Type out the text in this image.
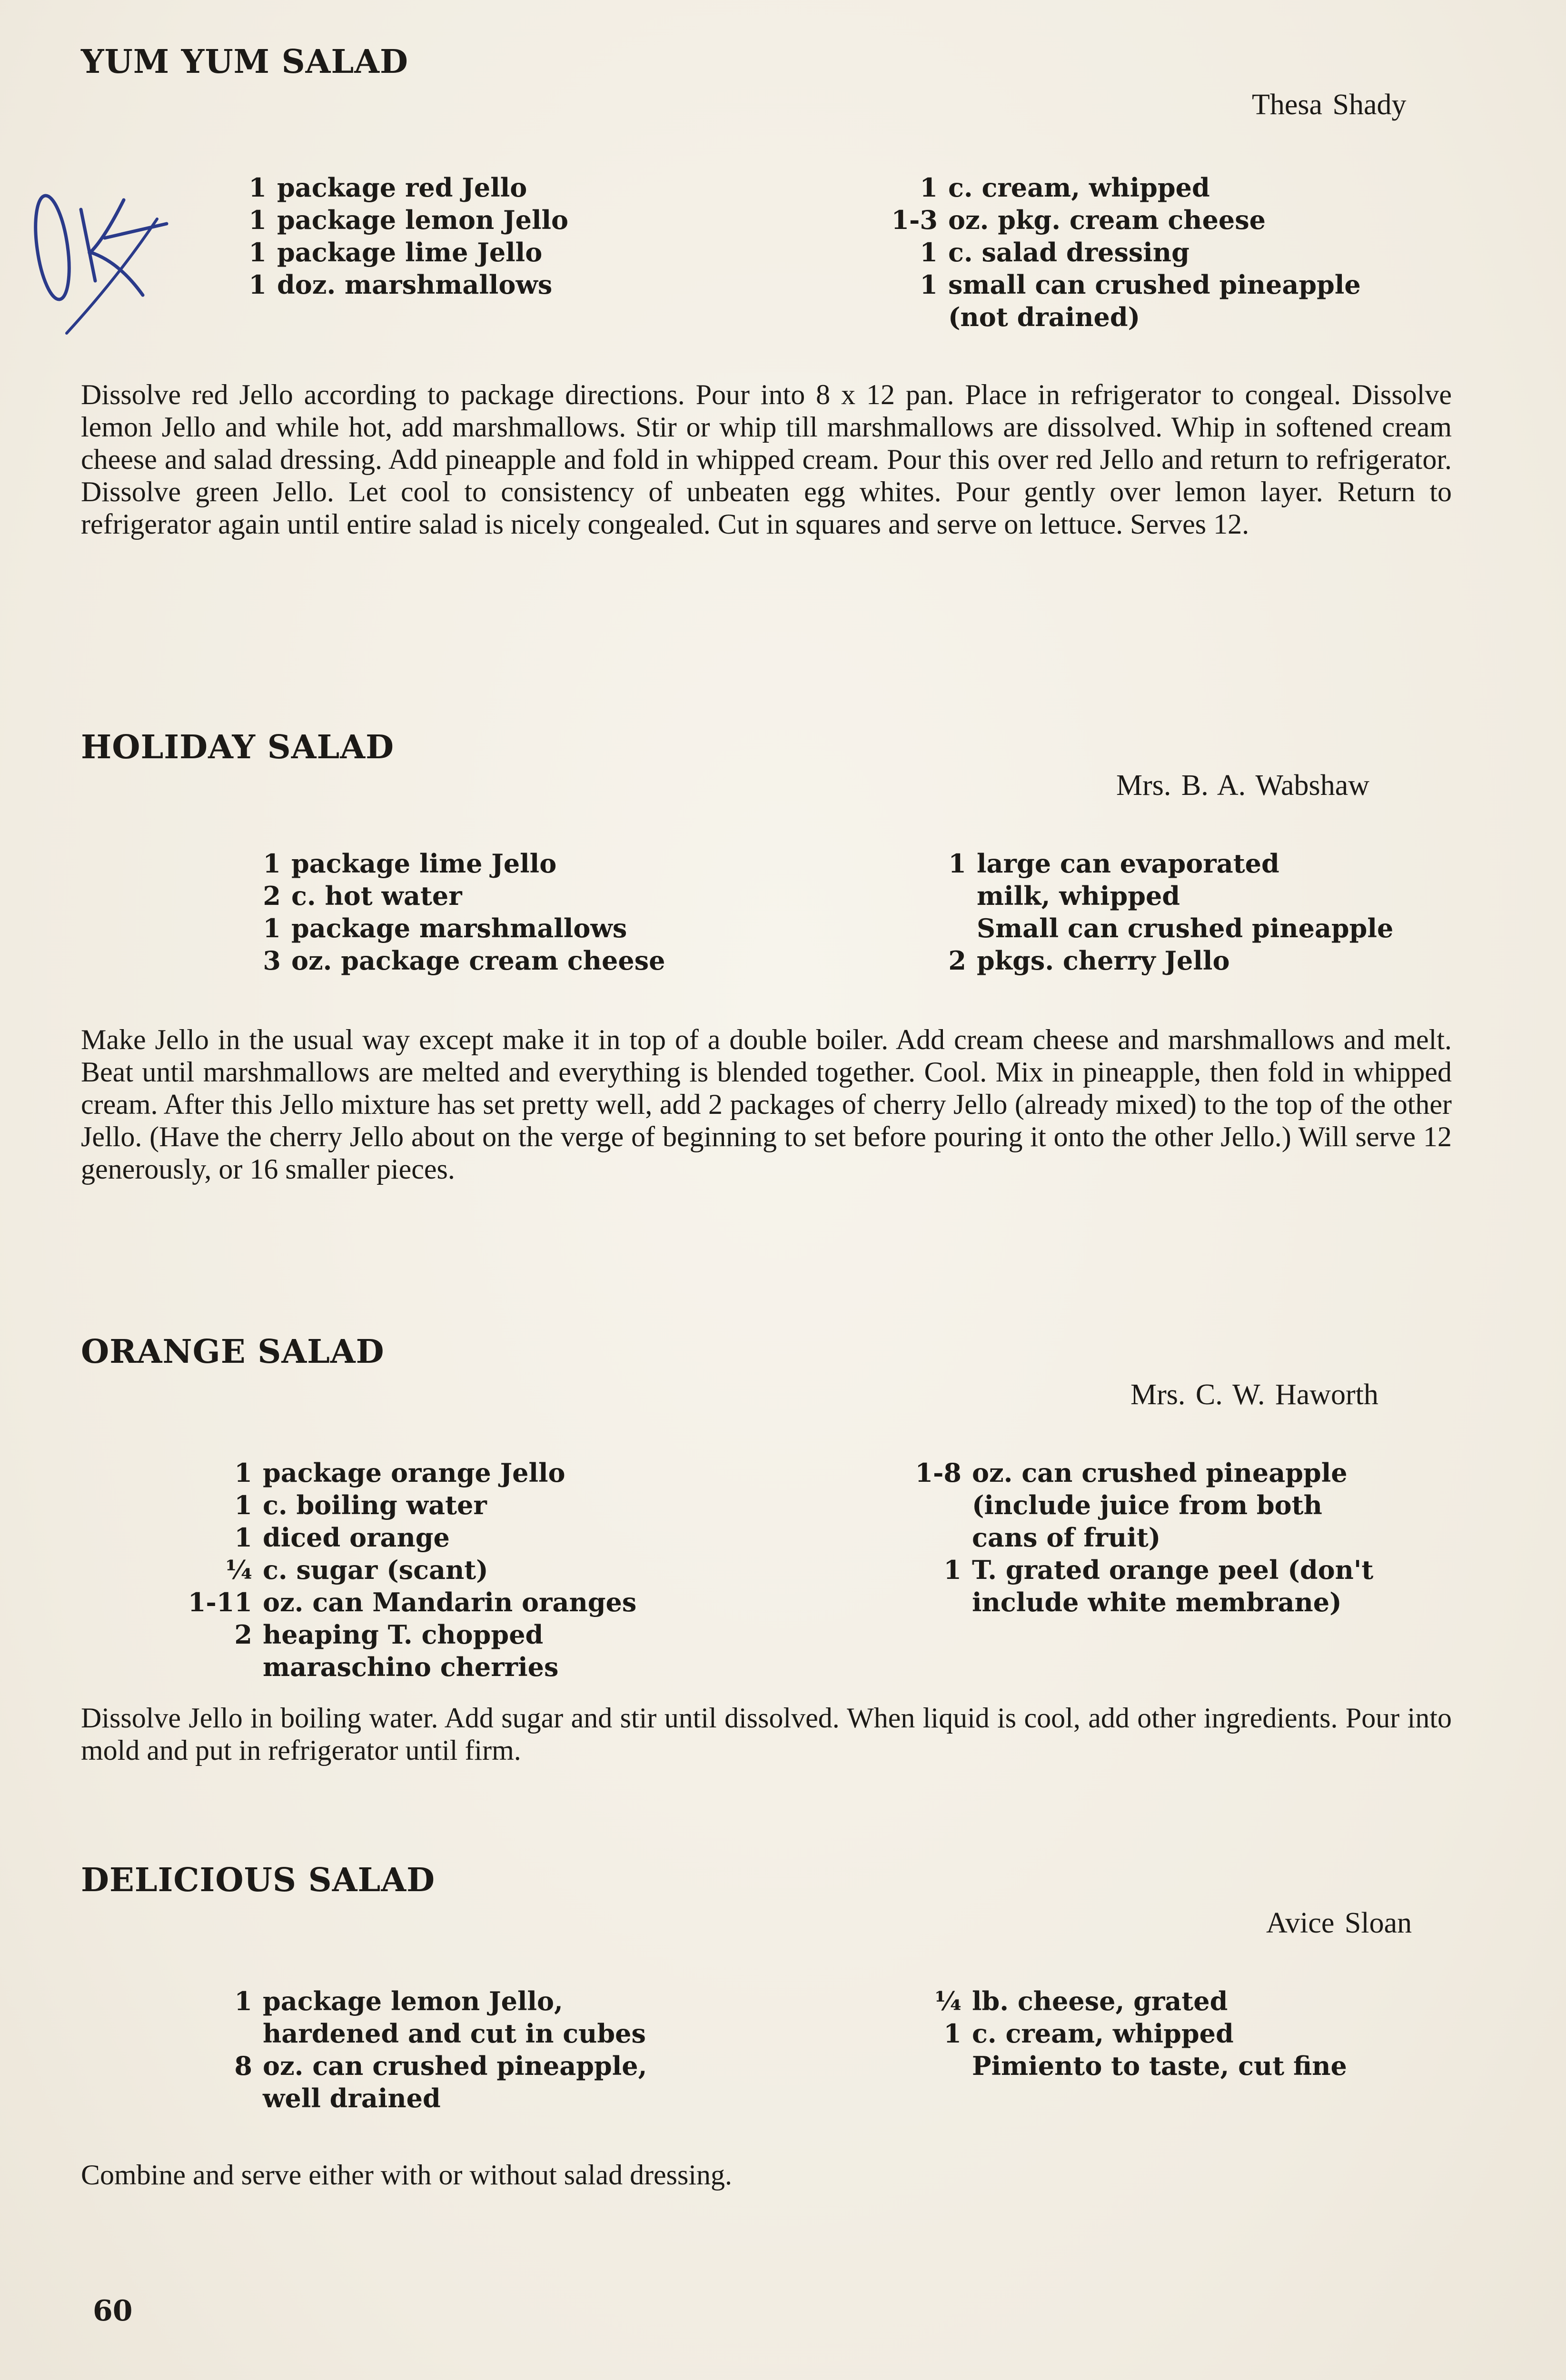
YUM YUM SALAD
Thesa Shady
1 package red Jello
1 package lemon Jello
1 package lime Jello
1 doz. marshmallows
1 c. cream, whipped
1-3 oz. pkg. cream cheese
1 c. salad dressing
1 small can crushed pineapple
(not drained)

Dissolve red Jello according to package directions. Pour into 8 x 12 pan. Place in refrigerator to congeal. Dissolve lemon Jello and while hot, add marshmallows. Stir or whip till marshmallows are dissolved. Whip in softened cream cheese and salad dressing. Add pineapple and fold in whipped cream. Pour this over red Jello and return to refrigerator. Dissolve green Jello. Let cool to consistency of unbeaten egg whites. Pour gently over lemon layer. Return to refrigerator again until entire salad is nicely congealed. Cut in squares and serve on lettuce. Serves 12.

HOLIDAY SALAD
Mrs. B. A. Wabshaw
1 package lime Jello
2 c. hot water
1 package marshmallows
3 oz. package cream cheese
1 large can evaporated
milk, whipped
Small can crushed pineapple
2 pkgs. cherry Jello

Make Jello in the usual way except make it in top of a double boiler. Add cream cheese and marshmallows and melt. Beat until marshmallows are melted and everything is blended together. Cool. Mix in pineapple, then fold in whipped cream. After this Jello mixture has set pretty well, add 2 packages of cherry Jello (already mixed) to the top of the other Jello. (Have the cherry Jello about on the verge of beginning to set before pouring it onto the other Jello.) Will serve 12 generously, or 16 smaller pieces.

ORANGE SALAD
Mrs. C. W. Haworth
1 package orange Jello
1 c. boiling water
1 diced orange
¼ c. sugar (scant)
1-11 oz. can Mandarin oranges
2 heaping T. chopped
maraschino cherries
1-8 oz. can crushed pineapple
(include juice from both
cans of fruit)
1 T. grated orange peel (don't
include white membrane)

Dissolve Jello in boiling water. Add sugar and stir until dissolved. When liquid is cool, add other ingredients. Pour into mold and put in refrigerator until firm.

DELICIOUS SALAD
Avice Sloan
1 package lemon Jello,
hardened and cut in cubes
8 oz. can crushed pineapple,
well drained
¼ lb. cheese, grated
1 c. cream, whipped
Pimiento to taste, cut fine

Combine and serve either with or without salad dressing.

60
